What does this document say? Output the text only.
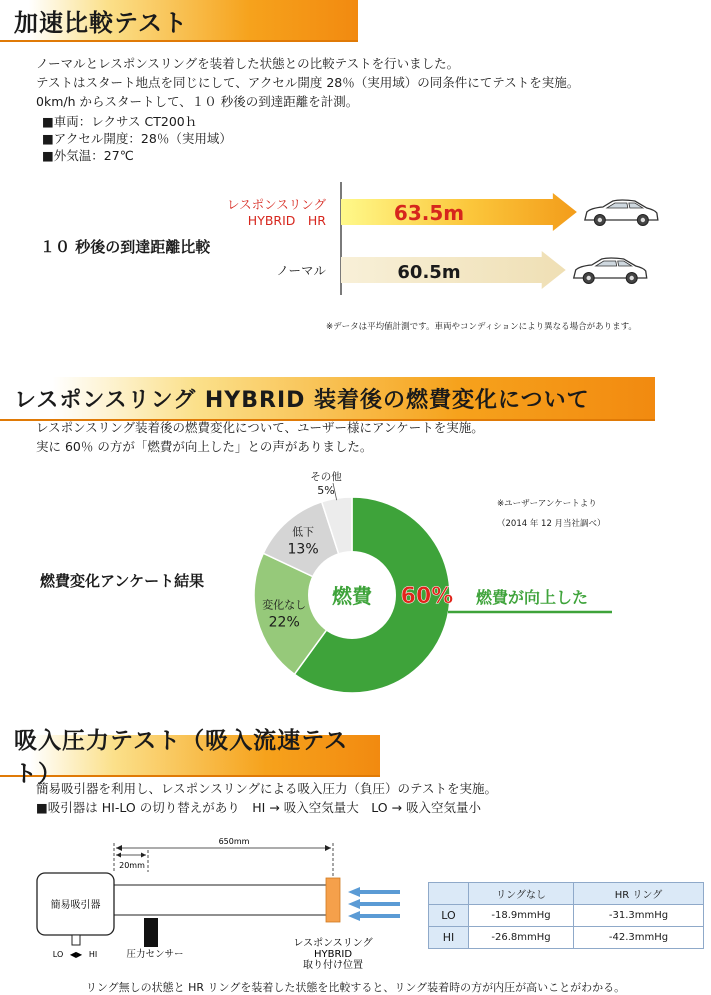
加速比較テスト

ノーマルとレスポンスリングを装着した状態との比較テストを行いました。

テストはスタート地点を同じにして、アクセル開度 28％（実用域）の同条件にてテストを実施。

0km/h からスタートして、１０ 秒後の到達距離を計測。

■車両：レクサス CT200ｈ

■アクセル開度：28％（実用域）

■外気温：27℃

１０ 秒後の到達距離比較
63.5m
60.5m
レスポンスリング
HYBRID　HR
ノーマル
※データは平均値計測です。車両やコンディションにより異なる場合があります。
レスポンスリング HYBRID 装着後の燃費変化について

レスポンスリング装着後の燃費変化について、ユーザー様にアンケートを実施。

実に 60％ の方が「燃費が向上した」との声がありました。

※ユーザーアンケートより

（2014 年 12 月当社調べ）

燃費変化アンケート結果
燃費 60% 燃費が向上した
変化なし
22%
低下
13%
その他
5%
吸入圧力テスト（吸入流速テスト）

簡易吸引器を利用し、レスポンスリングによる吸入圧力（負圧）のテストを実施。

■吸引器は HI-LO の切り替えがあり　HI → 吸入空気量大　LO → 吸入空気量小

簡易吸引器
LO ◀▶ HI	圧力センサー
レスポンスリング
HYBRID
取り付け位置
650mm
20mm
	リングなし	HR リング
LO	-18.9mmHg	-31.3mmHg
HI	-26.8mmHg	-42.3mmHg
リング無しの状態と HR リングを装着した状態を比較すると、リング装着時の方が内圧が高いことがわかる。
